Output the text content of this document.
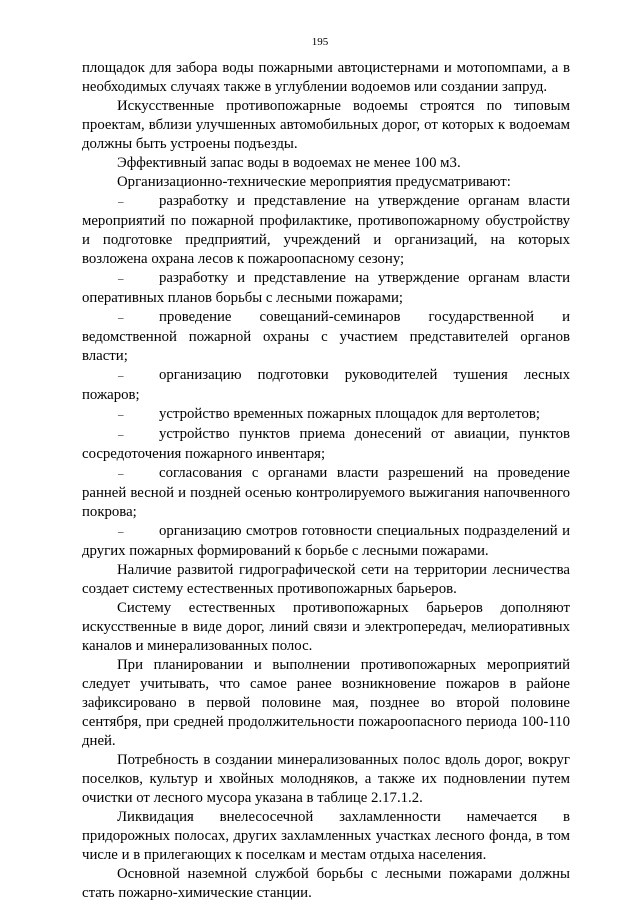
195

площадок для забора воды пожарными автоцистернами и мотопомпами, а в необходимых случаях также в углублении водоемов или создании запруд.

Искусственные противопожарные водоемы строятся по типовым проектам, вблизи улучшенных автомобильных дорог, от которых к водоемам должны быть устроены подъезды.

Эффективный запас воды в водоемах не менее 100 м3.

Организационно-технические мероприятия предусматривают:

– разработку и представление на утверждение органам власти мероприятий по пожарной профилактике, противопожарному обустройству и подготовке предприятий, учреждений и организаций, на которых возложена охрана лесов к пожароопасному сезону;

– разработку и представление на утверждение органам власти оперативных планов борьбы с лесными пожарами;

– проведение совещаний-семинаров государственной и ведомственной пожарной охраны с участием представителей органов власти;

– организацию подготовки руководителей тушения лесных пожаров;

– устройство временных пожарных площадок для вертолетов;

– устройство пунктов приема донесений от авиации, пунктов сосредоточения пожарного инвентаря;

– согласования с органами власти разрешений на проведение ранней весной и поздней осенью контролируемого выжигания напочвенного покрова;

– организацию смотров готовности специальных подразделений и других пожарных формирований к борьбе с лесными пожарами.

Наличие развитой гидрографической сети на территории лесничества создает систему естественных противопожарных барьеров.

Систему естественных противопожарных барьеров дополняют искусственные в виде дорог, линий связи и электропередач, мелиоративных каналов и минерализованных полос.

При планировании и выполнении противопожарных мероприятий следует учитывать, что самое ранее возникновение пожаров в районе зафиксировано в первой половине мая, позднее во второй половине сентября, при средней продолжительности пожароопасного периода 100-110 дней.

Потребность в создании минерализованных полос вдоль дорог, вокруг поселков, культур и хвойных молодняков, а также их подновлении путем очистки от лесного мусора указана в таблице 2.17.1.2.

Ликвидация внелесосечной захламленности намечается в придорожных полосах, других захламленных участках лесного фонда, в том числе и в прилегающих к поселкам и местам отдыха населения.

Основной наземной службой борьбы с лесными пожарами должны стать пожарно-химические станции.
